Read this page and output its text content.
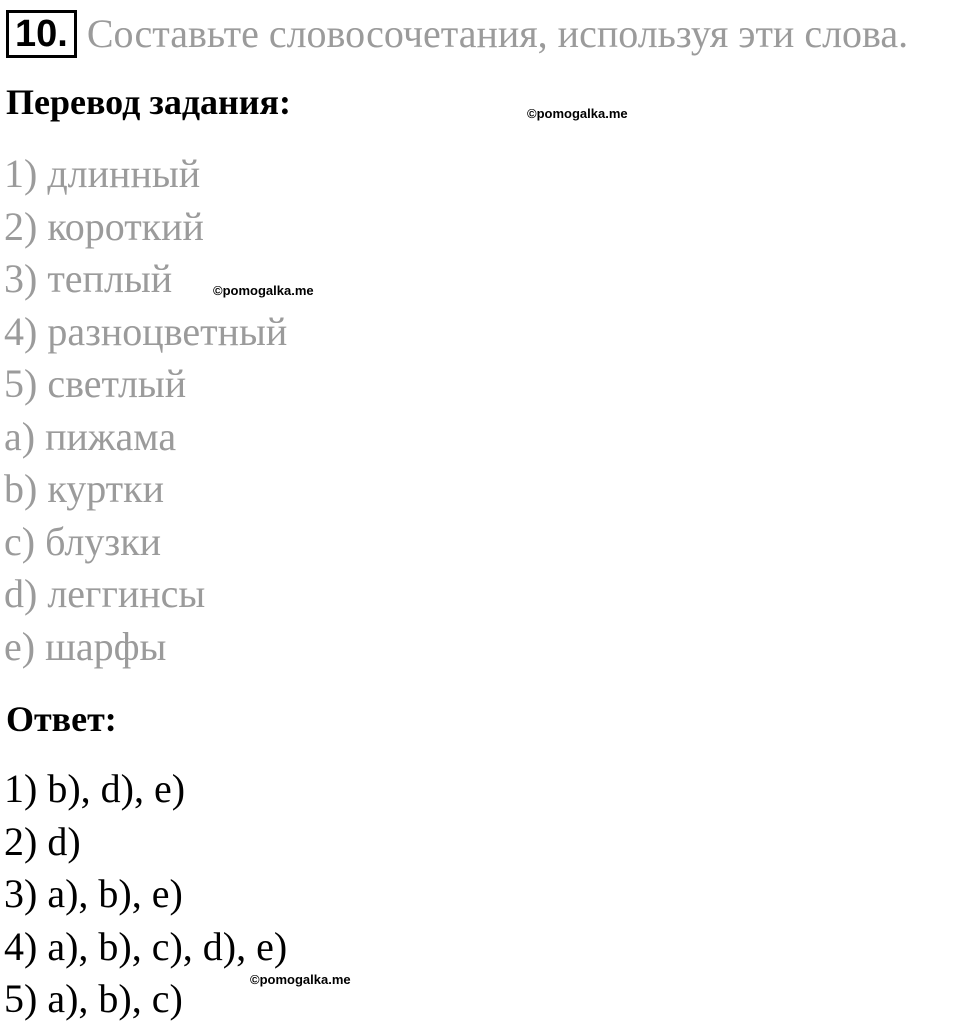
10. Составьте словосочетания, используя эти слова.
Перевод задания:	©pomogalka.me
1) длинный
2) короткий
3) теплый
4) разноцветный
5) светлый
a) пижама
b) куртки
c) блузки
d) леггинсы
e) шарфы
©pomogalka.me
Ответ:
1) b), d), e)
2) d)
3) a), b), e)
4) a), b), c), d), e)
5) a), b), c)	©pomogalka.me
